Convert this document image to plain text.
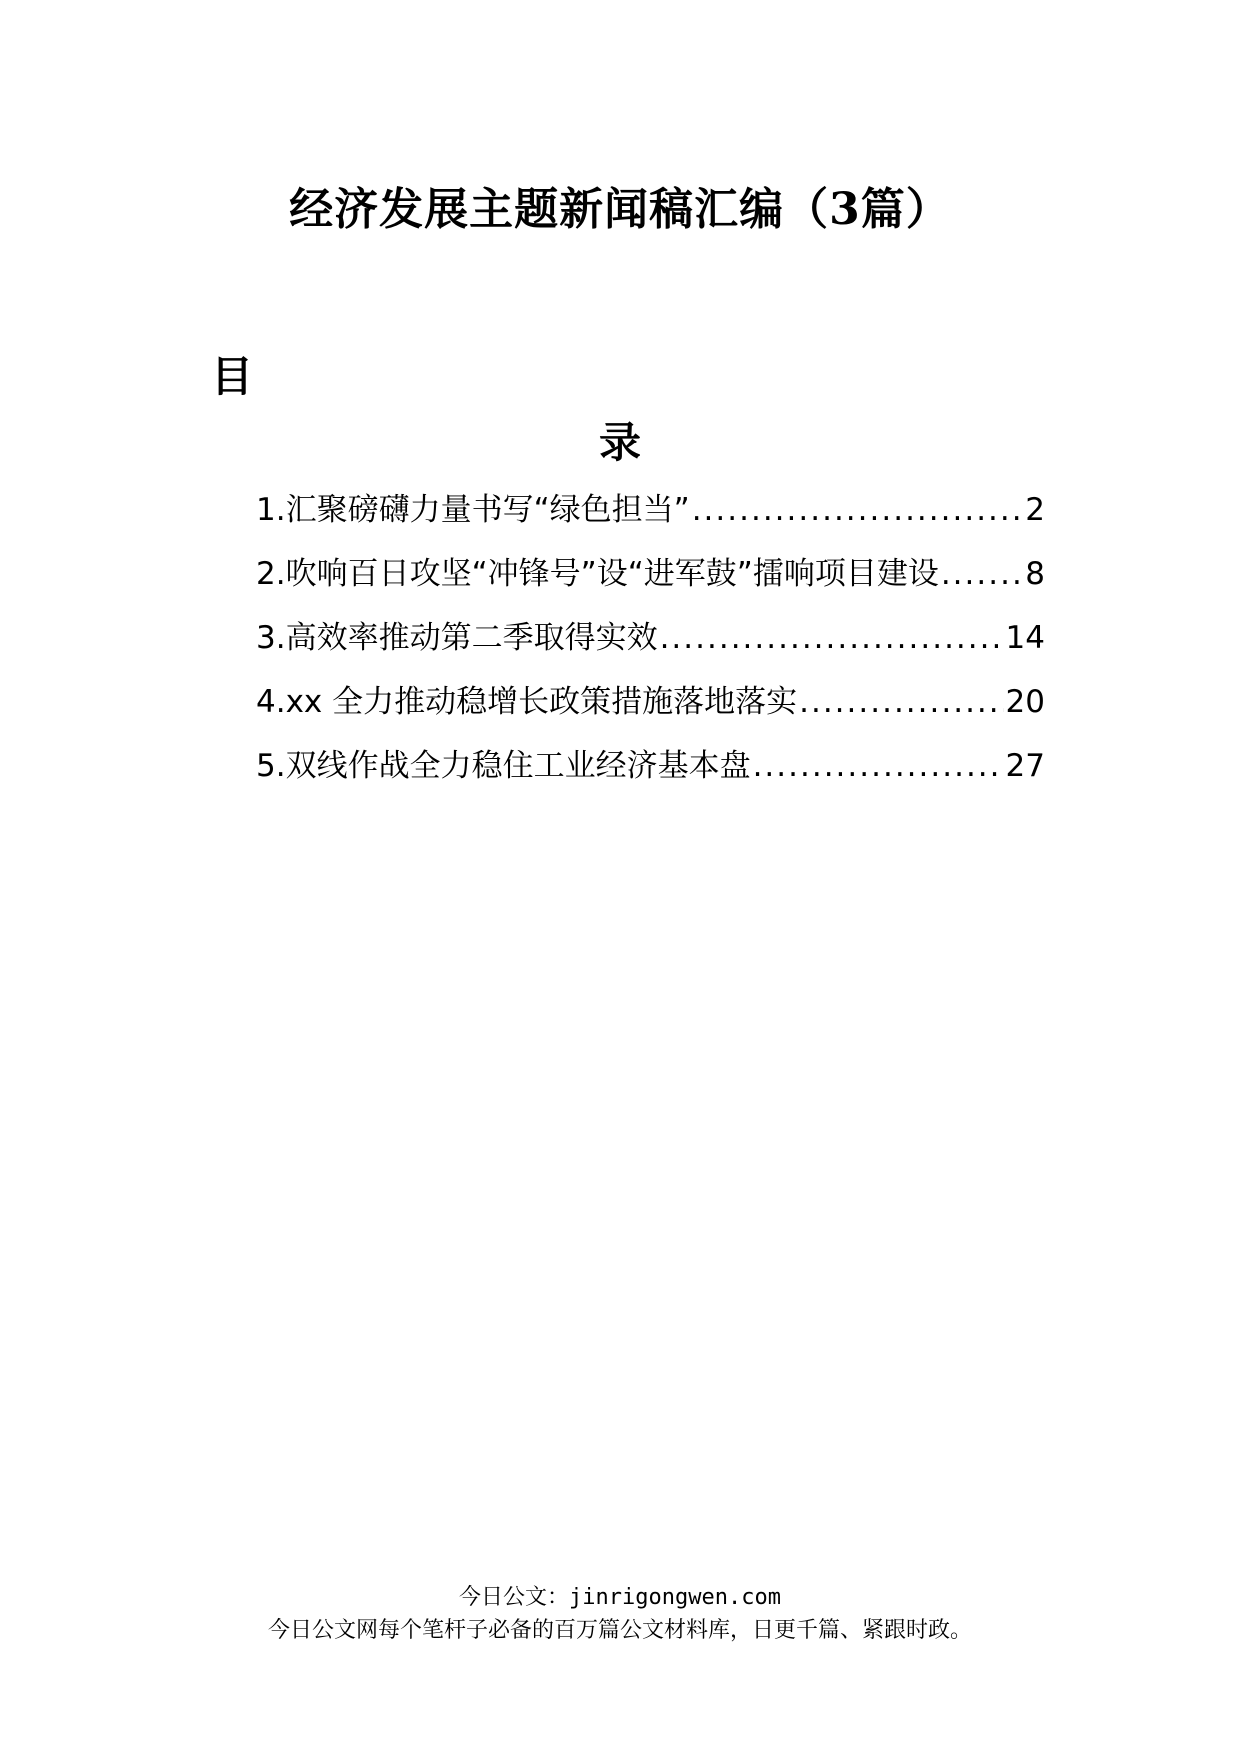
经济发展主题新闻稿汇编（3篇）
目
录
1.汇聚磅礴力量书写“绿色担当” .....	2
2.吹响百日攻坚“冲锋号”设“进军鼓”擂响项目建设 .....	8
3.高效率推动第二季取得实效 .....	14
4.xx 全力推动稳增长政策措施落地落实 .....	20
5.双线作战全力稳住工业经济基本盘 .....	27
今日公文：jinrigongwen.com
今日公文网每个笔杆子必备的百万篇公文材料库，日更千篇、紧跟时政。
